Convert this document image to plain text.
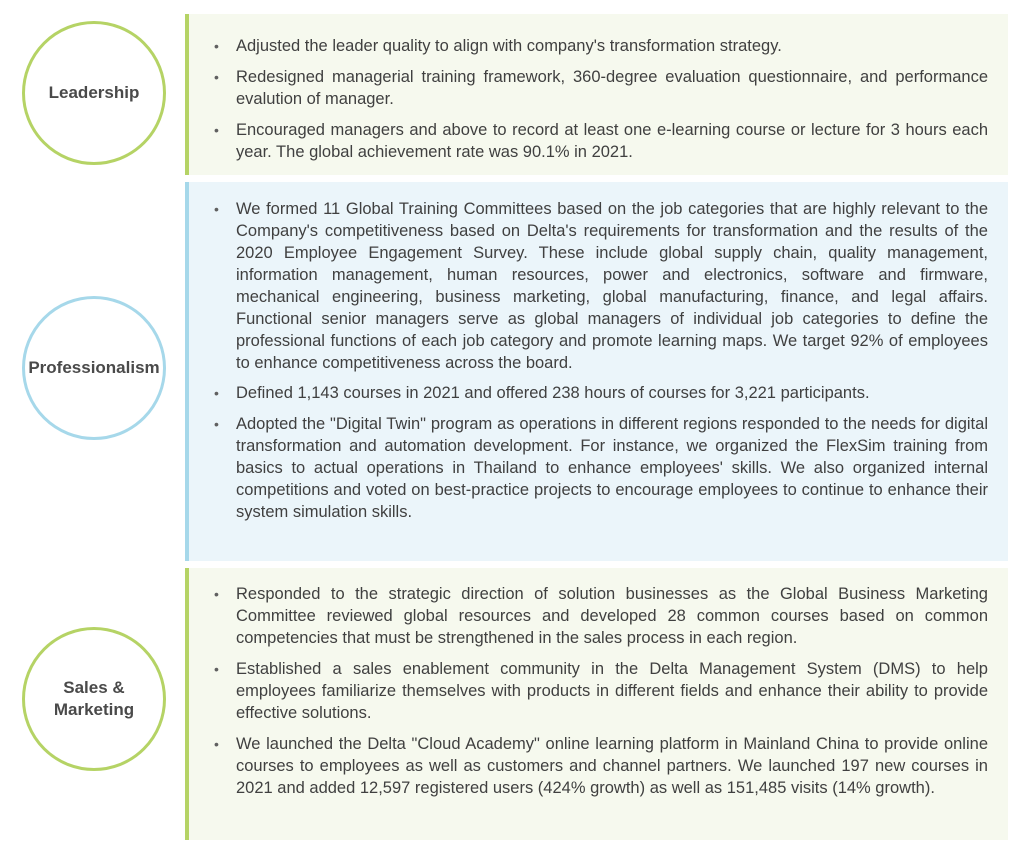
Leadership
• Adjusted the leader quality to align with company's transformation strategy.
• Redesigned managerial training framework, 360-degree evaluation questionnaire, and performance evalution of manager.
• Encouraged managers and above to record at least one e-learning course or lecture for 3 hours each year. The global achievement rate was 90.1% in 2021.
Professionalism
• We formed 11 Global Training Committees based on the job categories that are highly relevant to the Company's competitiveness based on Delta's requirements for transformation and the results of the 2020 Employee Engagement Survey. These include global supply chain, quality management, information management, human resources, power and electronics, software and firmware, mechanical engineering, business marketing, global manufacturing, finance, and legal affairs. Functional senior managers serve as global managers of individual job categories to define the professional functions of each job category and promote learning maps. We target 92% of employees to enhance competitiveness across the board.
• Defined 1,143 courses in 2021 and offered 238 hours of courses for 3,221 participants.
• Adopted the "Digital Twin" program as operations in different regions responded to the needs for digital transformation and automation development. For instance, we organized the FlexSim training from basics to actual operations in Thailand to enhance employees' skills. We also organized internal competitions and voted on best-practice projects to encourage employees to continue to enhance their system simulation skills.
Sales &
Marketing
• Responded to the strategic direction of solution businesses as the Global Business Marketing Committee reviewed global resources and developed 28 common courses based on common competencies that must be strengthened in the sales process in each region.
• Established a sales enablement community in the Delta Management System (DMS) to help employees familiarize themselves with products in different fields and enhance their ability to provide effective solutions.
• We launched the Delta "Cloud Academy" online learning platform in Mainland China to provide online courses to employees as well as customers and channel partners. We launched 197 new courses in 2021 and added 12,597 registered users (424% growth) as well as 151,485 visits (14% growth).
